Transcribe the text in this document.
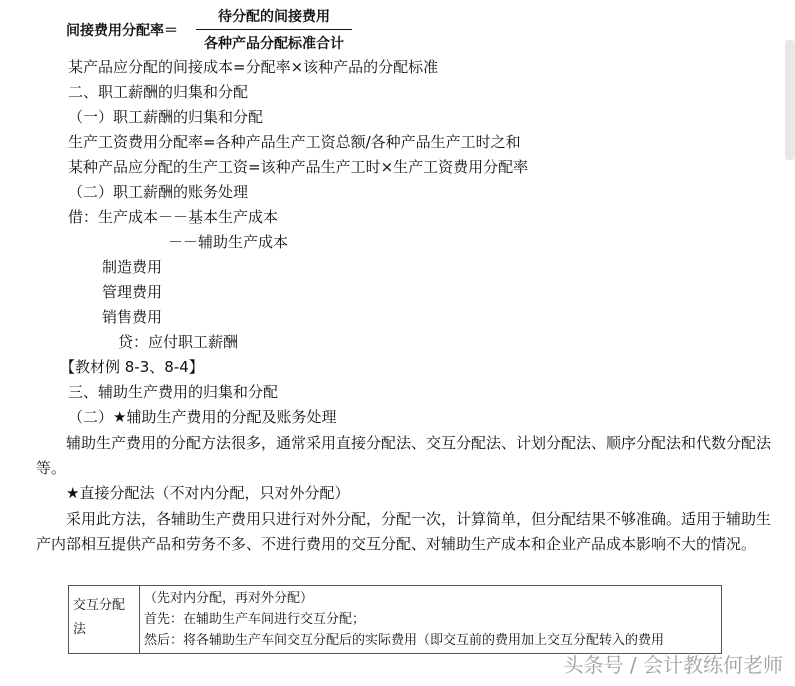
间接费用分配率＝
待分配的间接费用
各种产品分配标准合计
某产品应分配的间接成本=分配率×该种产品的分配标准
二、职工薪酬的归集和分配
（一）职工薪酬的归集和分配
生产工资费用分配率=各种产品生产工资总额/各种产品生产工时之和
某种产品应分配的生产工资=该种产品生产工时×生产工资费用分配率
（二）职工薪酬的账务处理
借：生产成本－－基本生产成本
－－辅助生产成本
制造费用
管理费用
销售费用
贷：应付职工薪酬
【教材例 8-3、8-4】
三、辅助生产费用的归集和分配
（二）★辅助生产费用的分配及账务处理
辅助生产费用的分配方法很多，通常采用直接分配法、交互分配法、计划分配法、顺序分配法和代数分配法等。
★直接分配法（不对内分配，只对外分配）
采用此方法，各辅助生产费用只进行对外分配，分配一次，计算简单，但分配结果不够准确。适用于辅助生产内部相互提供产品和劳务不多、不进行费用的交互分配、对辅助生产成本和企业产品成本影响不大的情况。
交互分配法	
（先对内分配，再对外分配）
首先：在辅助生产车间进行交互分配；
然后：将各辅助生产车间交互分配后的实际费用（即交互前的费用加上交互分配转入的费用
头条号 / 会计教练何老师
